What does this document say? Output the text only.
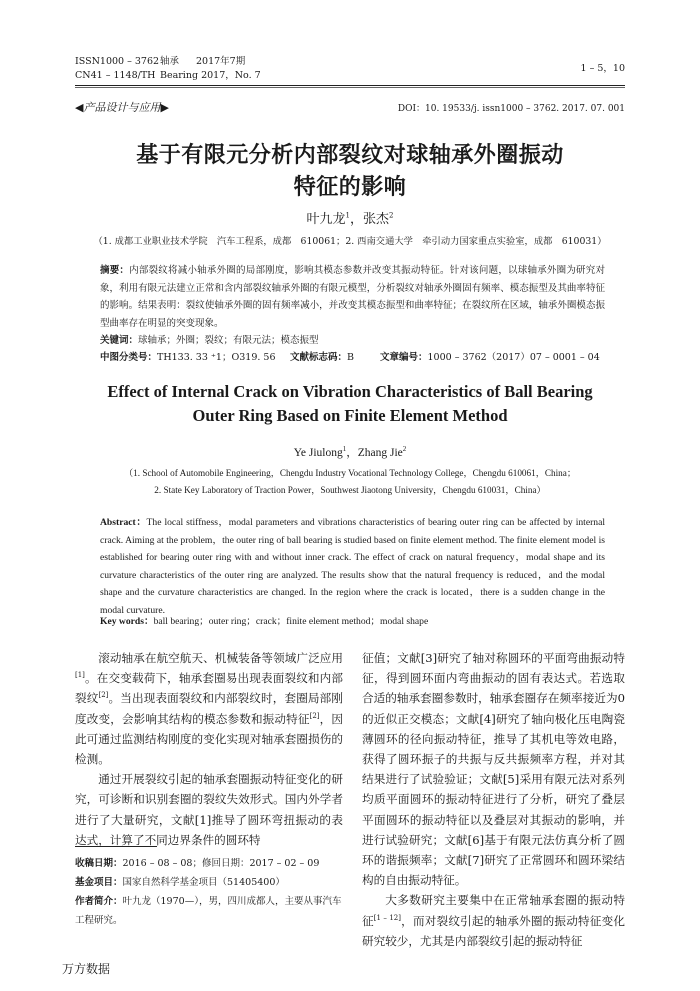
ISSN1000 – 3762 轴承 2017年7期
CN41 – 1148/TH Bearing 2017，No. 7
1 – 5，10
◀产品设计与应用▶	DOI：10. 19533/j. issn1000 – 3762. 2017. 07. 001
基于有限元分析内部裂纹对球轴承外圈振动
特征的影响
叶九龙$^1$，张杰$^2$
（1. 成都工业职业技术学院　汽车工程系，成都　610061；2. 西南交通大学　牵引动力国家重点实验室，成都　610031）
摘要：内部裂纹将减小轴承外圈的局部刚度，影响其模态参数并改变其振动特征。针对该问题，以球轴承外圈为研究对象，利用有限元法建立正常和含内部裂纹轴承外圈的有限元模型，分析裂纹对轴承外圈固有频率、模态振型及其曲率特征的影响。结果表明：裂纹使轴承外圈的固有频率减小，并改变其模态振型和曲率特征；在裂纹所在区域，轴承外圈模态振型曲率存在明显的突变现象。
关键词：球轴承；外圈；裂纹；有限元法；模态振型
中图分类号：TH133. 33 ⁺1；O319. 56	文献标志码：B	文章编号：1000 – 3762（2017）07 – 0001 – 04
Effect of Internal Crack on Vibration Characteristics of Ball Bearing
Outer Ring Based on Finite Element Method
Ye Jiulong$^1$，Zhang Jie$^2$
（1. School of Automobile Engineering，Chengdu Industry Vocational Technology College，Chengdu 610061，China；
2. State Key Laboratory of Traction Power，Southwest Jiaotong University，Chengdu 610031，China）
Abstract：The local stiffness，modal parameters and vibrations characteristics of bearing outer ring can be affected by internal crack. Aiming at the problem，the outer ring of ball bearing is studied based on finite element method. The finite element model is established for bearing outer ring with and without inner crack. The effect of crack on natural frequency，modal shape and its curvature characteristics of the outer ring are analyzed. The results show that the natural frequency is reduced，and the modal shape and the curvature characteristics are changed. In the region where the crack is located，there is a sudden change in the modal curvature.
Key words：ball bearing；outer ring；crack；finite element method；modal shape

滚动轴承在航空航天、机械装备等领域广泛应用[1]。在交变载荷下，轴承套圈易出现表面裂纹和内部裂纹[2]。当出现表面裂纹和内部裂纹时，套圈局部刚度改变，会影响其结构的模态参数和振动特征[2]，因此可通过监测结构刚度的变化实现对轴承套圈损伤的检测。

通过开展裂纹引起的轴承套圈振动特征变化的研究，可诊断和识别套圈的裂纹失效形式。国内外学者进行了大量研究，文献[1]推导了圆环弯扭振动的表达式，计算了不同边界条件的圆环特

收稿日期：2016 – 08 – 08；修回日期：2017 – 02 – 09
基金项目：国家自然科学基金项目（51405400）
作者简介：叶九龙（1970—），男，四川成都人，主要从事汽车工程研究。

征值；文献[3]研究了轴对称圆环的平面弯曲振动特征，得到圆环面内弯曲振动的固有表达式。若选取合适的轴承套圈参数时，轴承套圈存在频率接近为0的近似正交模态；文献[4]研究了轴向极化压电陶瓷薄圆环的径向振动特征，推导了其机电等效电路，获得了圆环振子的共振与反共振频率方程，并对其结果进行了试验验证；文献[5]采用有限元法对系列均质平面圆环的振动特征进行了分析，研究了叠层平面圆环的振动特征以及叠层对其振动的影响，并进行试验研究；文献[6]基于有限元法仿真分析了圆环的谐振频率；文献[7]研究了正常圆环和圆环梁结构的自由振动特征。

大多数研究主要集中在正常轴承套圈的振动特征[1 – 12]，而对裂纹引起的轴承外圈的振动特征变化研究较少，尤其是内部裂纹引起的振动特征

万方数据
